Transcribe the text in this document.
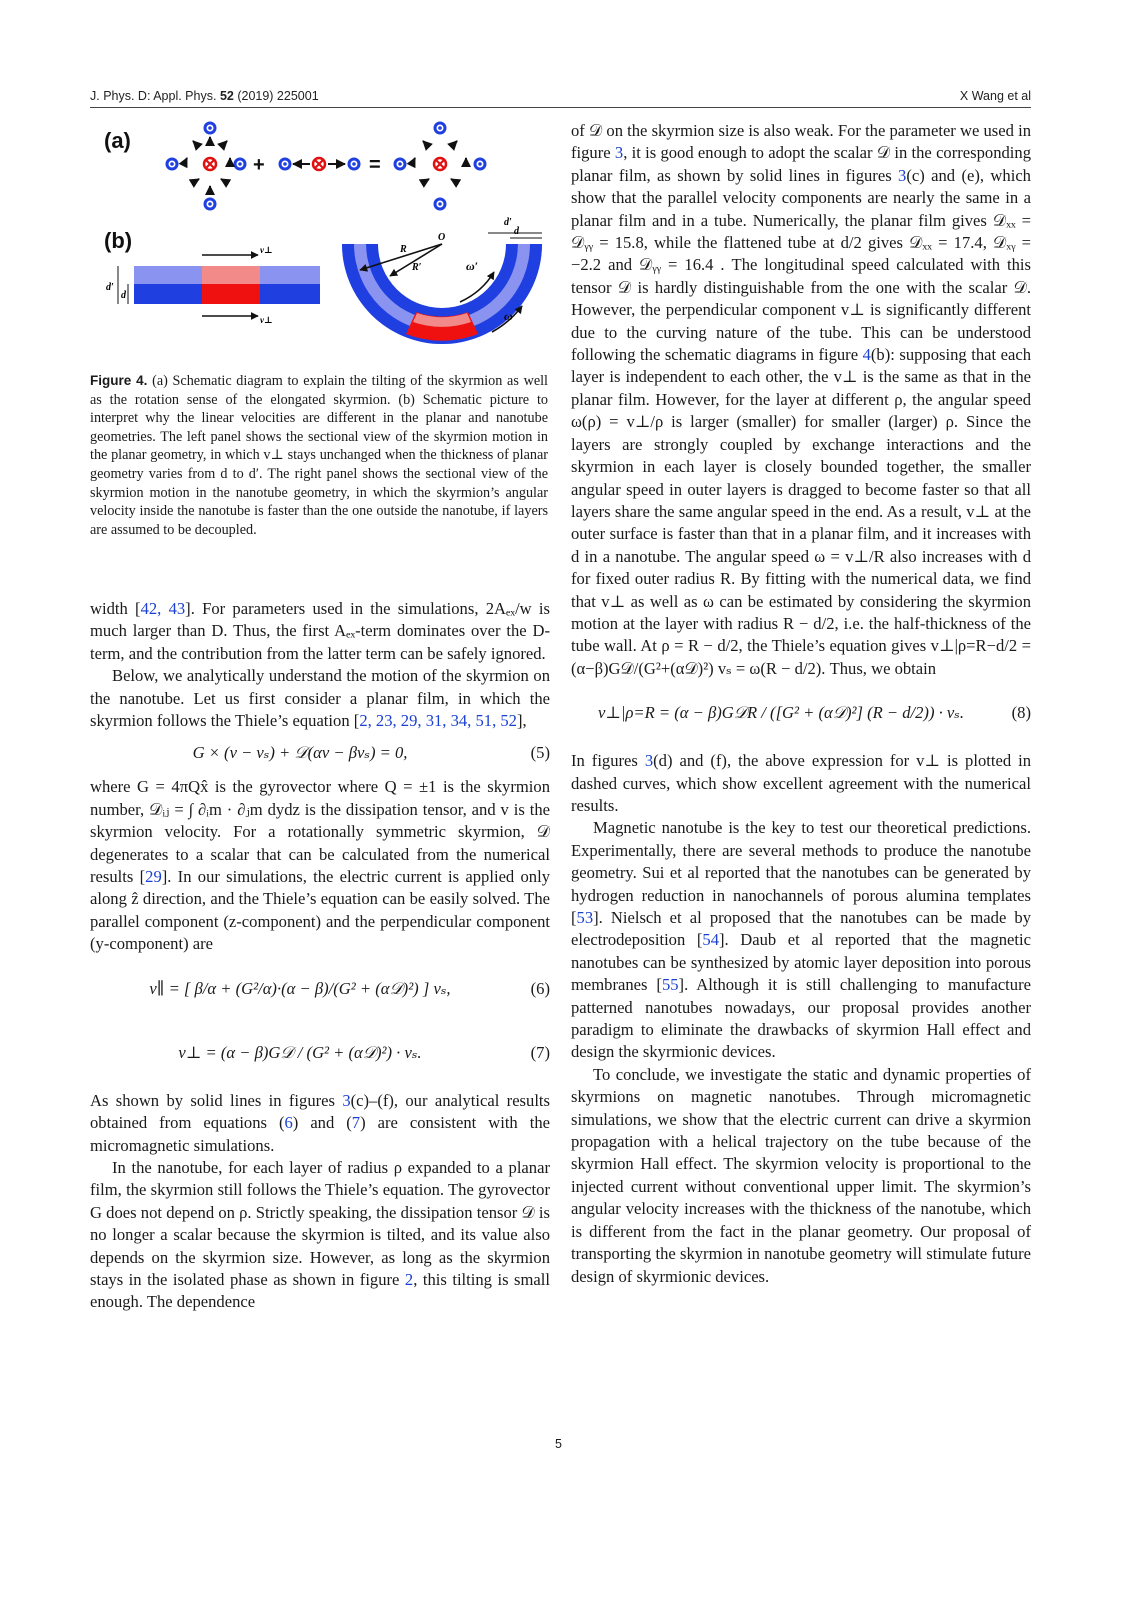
J. Phys. D: Appl. Phys. 52 (2019) 225001	X Wang et al
(a)
(b)
+	=
v⊥
v⊥
d′
d
O
R
R′	ω′
ω
d′
d
Figure 4. (a) Schematic diagram to explain the tilting of the skyrmion as well as the rotation sense of the elongated skyrmion. (b) Schematic picture to interpret why the linear velocities are different in the planar and nanotube geometries. The left panel shows the sectional view of the skyrmion motion in the planar geometry, in which v⊥ stays unchanged when the thickness of planar geometry varies from d to d′. The right panel shows the sectional view of the skyrmion motion in the nanotube geometry, in which the skyrmion’s angular velocity inside the nanotube is faster than the one outside the nanotube, if layers are assumed to be decoupled.

width [42, 43]. For parameters used in the simulations, 2Aₑₓ/w is much larger than D. Thus, the first Aₑₓ-term dominates over the D-term, and the contribution from the latter term can be safely ignored.

Below, we analytically understand the motion of the skyrmion on the nanotube. Let us first consider a planar film, in which the skyrmion follows the Thiele’s equation [2, 23, 29, 31, 34, 51, 52],

G × (v − vₛ) + 𝒟(αv − βvₛ) = 0,	(5)

where G = 4πQx̂ is the gyrovector where Q = ±1 is the skyrmion number, 𝒟ᵢⱼ = ∫ ∂ᵢm · ∂ⱼm dydz is the dissipation tensor, and v is the skyrmion velocity. For a rotationally symmetric skyrmion, 𝒟 degenerates to a scalar that can be calculated from the numerical results [29]. In our simulations, the electric current is applied only along ẑ direction, and the Thiele’s equation can be easily solved. The parallel component (z-component) and the perpendicular component (y-component) are

v∥ = [ β/α + (G²/α)·(α − β)/(G² + (α𝒟)²) ] vₛ,	(6)
v⊥ = (α − β)G𝒟 / (G² + (α𝒟)²) · vₛ.	(7)

As shown by solid lines in figures 3(c)–(f), our analytical results obtained from equations (6) and (7) are consistent with the micromagnetic simulations.

In the nanotube, for each layer of radius ρ expanded to a planar film, the skyrmion still follows the Thiele’s equation. The gyrovector G does not depend on ρ. Strictly speaking, the dissipation tensor 𝒟 is no longer a scalar because the skyrmion is tilted, and its value also depends on the skyrmion size. However, as long as the skyrmion stays in the isolated phase as shown in figure 2, this tilting is small enough. The dependence

of 𝒟 on the skyrmion size is also weak. For the parameter we used in figure 3, it is good enough to adopt the scalar 𝒟 in the corresponding planar film, as shown by solid lines in figures 3(c) and (e), which show that the parallel velocity components are nearly the same in a planar film and in a tube. Numerically, the planar film gives 𝒟ₓₓ = 𝒟ᵧᵧ = 15.8, while the flattened tube at d/2 gives 𝒟ₓₓ = 17.4, 𝒟ₓᵧ = −2.2 and 𝒟ᵧᵧ = 16.4 . The longitudinal speed calculated with this tensor 𝒟 is hardly distinguishable from the one with the scalar 𝒟. However, the perpendicular component v⊥ is significantly different due to the curving nature of the tube. This can be understood following the schematic diagrams in figure 4(b): supposing that each layer is independent to each other, the v⊥ is the same as that in the planar film. However, for the layer at different ρ, the angular speed ω(ρ) = v⊥/ρ is larger (smaller) for smaller (larger) ρ. Since the layers are strongly coupled by exchange interactions and the skyrmion in each layer is closely bounded together, the smaller angular speed in outer layers is dragged to become faster so that all layers share the same angular speed in the end. As a result, v⊥ at the outer surface is faster than that in a planar film, and it increases with d in a nanotube. The angular speed ω = v⊥/R also increases with d for fixed outer radius R. By fitting with the numerical data, we find that v⊥ as well as ω can be estimated by considering the skyrmion motion at the layer with radius R − d/2, i.e. the half-thickness of the tube wall. At ρ = R − d/2, the Thiele’s equation gives v⊥|ρ=R−d/2 = (α−β)G𝒟/(G²+(α𝒟)²) vₛ = ω(R − d/2). Thus, we obtain

v⊥|ρ=R = (α − β)G𝒟R / ([G² + (α𝒟)²] (R − d/2)) · vₛ.	(8)

In figures 3(d) and (f), the above expression for v⊥ is plotted in dashed curves, which show excellent agreement with the numerical results.

Magnetic nanotube is the key to test our theoretical predictions. Experimentally, there are several methods to produce the nanotube geometry. Sui et al reported that the nanotubes can be generated by hydrogen reduction in nanochannels of porous alumina templates [53]. Nielsch et al proposed that the nanotubes can be made by electrodeposition [54]. Daub et al reported that the magnetic nanotubes can be synthesized by atomic layer deposition into porous membranes [55]. Although it is still challenging to manufacture patterned nanotubes nowadays, our proposal provides another paradigm to eliminate the drawbacks of skyrmion Hall effect and design the skyrmionic devices.

To conclude, we investigate the static and dynamic properties of skyrmions on magnetic nanotubes. Through micromagnetic simulations, we show that the electric current can drive a skyrmion propagation with a helical trajectory on the tube because of the skyrmion Hall effect. The skyrmion velocity is proportional to the injected current without conventional upper limit. The skyrmion’s angular velocity increases with the thickness of the nanotube, which is different from the fact in the planar geometry. Our proposal of transporting the skyrmion in nanotube geometry will stimulate future design of skyrmionic devices.

5
